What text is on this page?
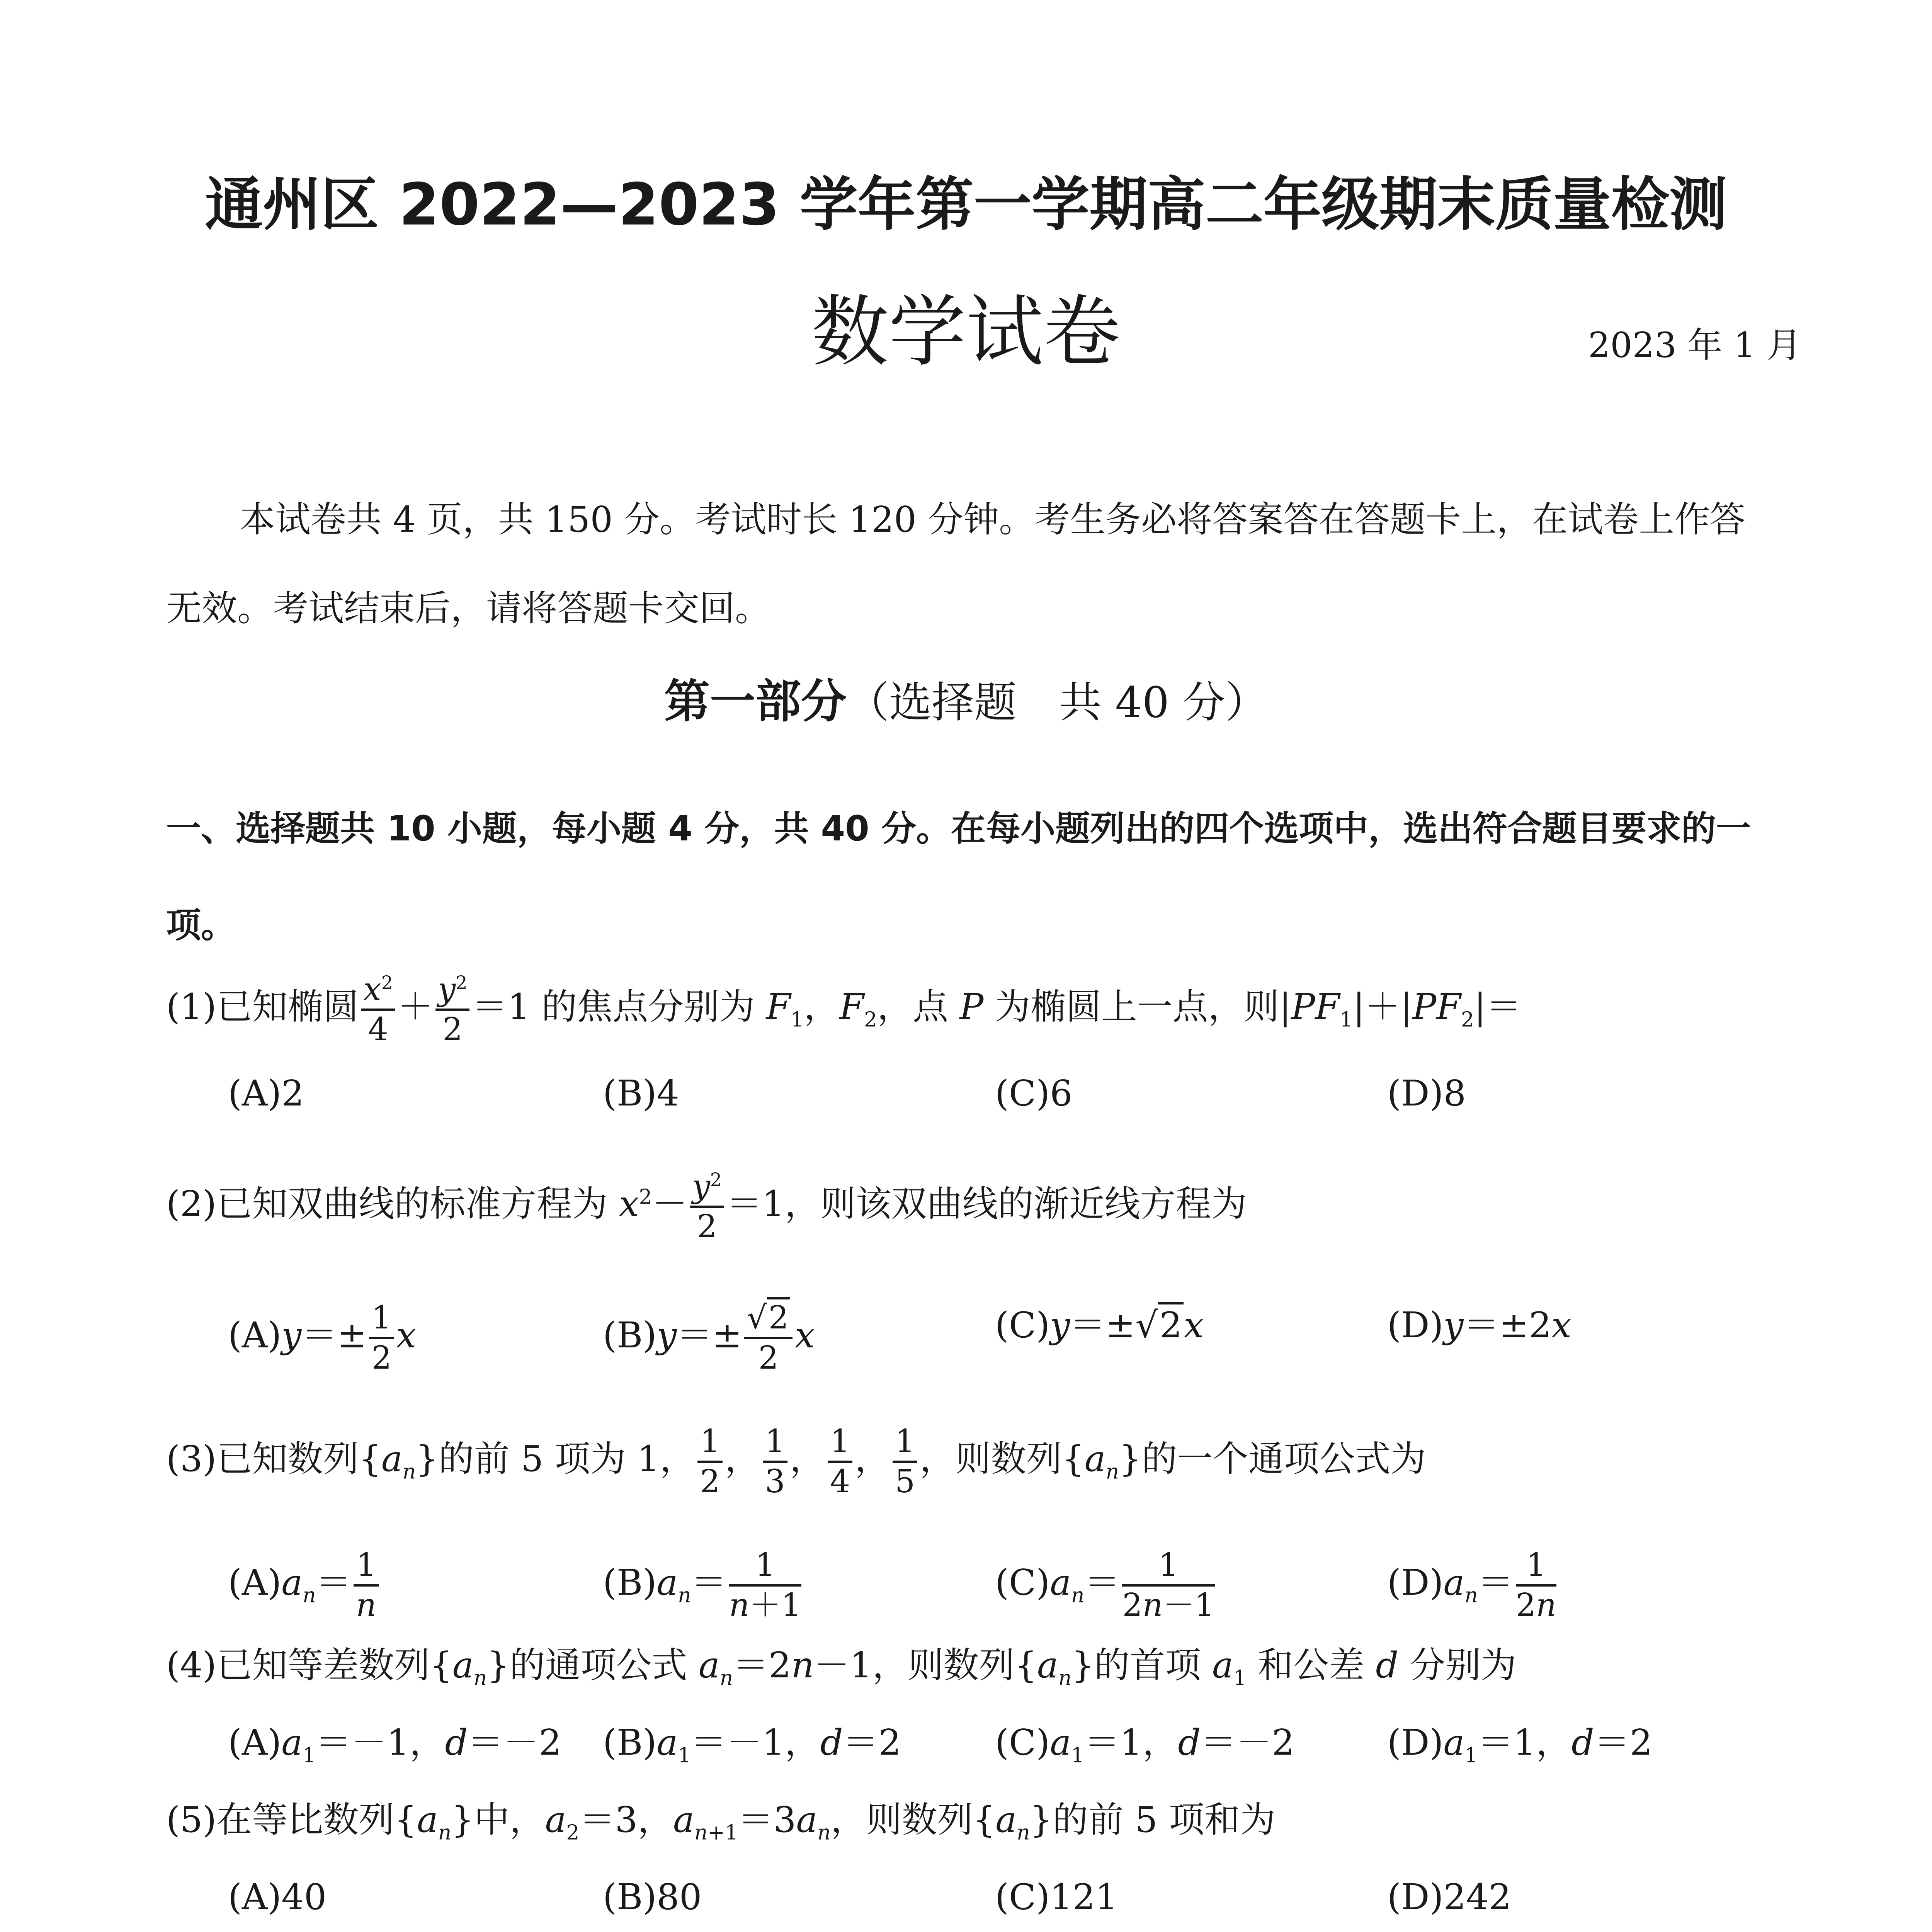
通州区 2022—2023 学年第一学期高二年级期末质量检测
数学试卷	2023 年 1 月
本试卷共 4 页，共 150 分。考试时长 120 分钟。考生务必将答案答在答题卡上，在试卷上作答无效。考试结束后，请将答题卡交回。
第一部分（选择题　共 40 分）
一、选择题共 10 小题，每小题 4 分，共 40 分。在每小题列出的四个选项中，选出符合题目要求的一项。
(1)已知椭圆 $\frac{x^2}{4} + \frac{y^2}{2} =1$ 的焦点分别为 $F_1$，$F_2$，点 P 为椭圆上一点，则$|PF_1|+|PF_2|=$
(A)2	(B)4	(C)6	(D)8
(2)已知双曲线的标准方程为 $x^2- \frac{y^2}{2} =1$，则该双曲线的渐近线方程为
$(A)y=\pm \frac{1}{2}$ x	$(B)y=\pm \frac{√2}{2}$ x	(C)y＝±√2x	(D)y＝±2x
(3)已知数列$\{a_n\}$的前 5 项为 1， $\frac{1}{2}$ ， $\frac{1}{3}$ ， $\frac{1}{4}$ ， $\frac{1}{5}$ ，则数列$\{a_n\}$的一个通项公式为
$(A)a_n= \frac{1}{n}$	$(B)a_n= \frac{1}{n+1}$	$(C)a_n= \frac{1}{2n-1}$	$(D)a_n= \frac{1}{2n}$
(4)已知等差数列$\{a_n\}$的通项公式 $a_n=2n-1$，则数列$\{a_n\}$的首项 $a_1$ 和公差 d 分别为
$(A)a_1=-1$，d＝－2 $(B)a_1=-1$，d＝2	$(C)a_1=1$，d＝－2	$(D)a_1=1$，d＝2
(5)在等比数列$\{a_n\}$中，$a_2=3$，$a_{n+1}=3a_n$，则数列$\{a_n\}$的前 5 项和为
(A)40	(B)80	(C)121	(D)242
